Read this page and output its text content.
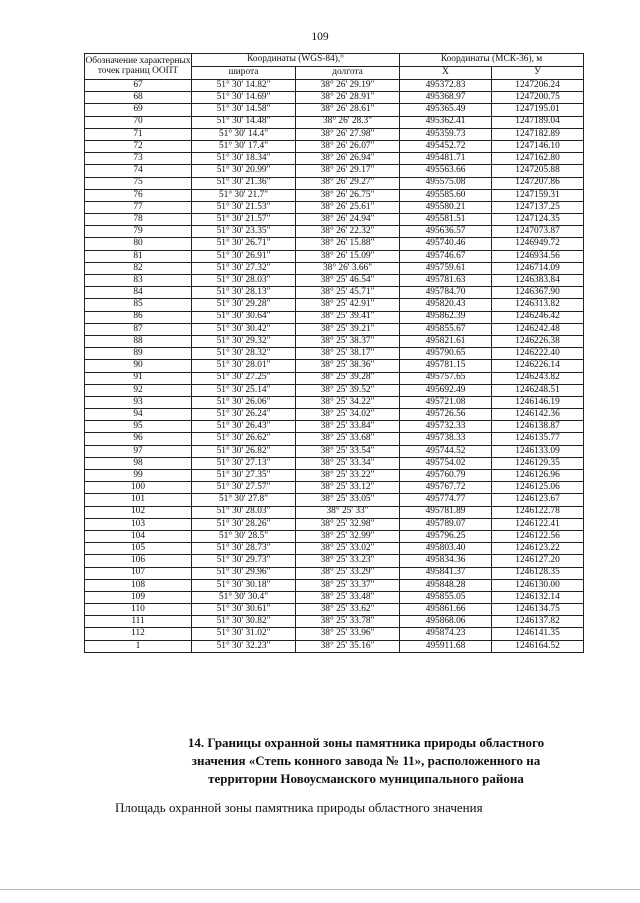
109
Обозначение характерных точек границ ООПТ	Координаты (WGS-84),°		Координаты (МСК-36), м	
	широта	долгота	X	У
67	51° 30' 14.82"	38° 26' 29.19"	495372.83	1247206.24
68	51° 30' 14.69"	38° 26' 28.91"	495368.97	1247200.75
69	51° 30' 14.58"	38° 26' 28.61"	495365.49	1247195.01
70	51° 30' 14.48"	38° 26' 28.3"	495362.41	1247189.04
71	51° 30' 14.4"	38° 26' 27.98"	495359.73	1247182.89
72	51° 30' 17.4"	38° 26' 26.07"	495452.72	1247146.10
73	51° 30' 18.34"	38° 26' 26.94"	495481.71	1247162.80
74	51° 30' 20.99"	38° 26' 29.17"	495563.66	1247205.88
75	51° 30' 21.36"	38° 26' 29.27"	495575.08	1247207.86
76	51° 30' 21.7"	38° 26' 26.75"	495585.60	1247159.31
77	51° 30' 21.53"	38° 26' 25.61"	495580.21	1247137.25
78	51° 30' 21.57"	38° 26' 24.94"	495581.51	1247124.35
79	51° 30' 23.35"	38° 26' 22.32"	495636.57	1247073.87
80	51° 30' 26.71"	38° 26' 15.88"	495740.46	1246949.72
81	51° 30' 26.91"	38° 26' 15.09"	495746.67	1246934.56
82	51° 30' 27.32"	38° 26' 3.66"	495759.61	1246714.09
83	51° 30' 28.03"	38° 25' 46.54"	495781.63	1246383.84
84	51° 30' 28.13"	38° 25' 45.71"	495784.70	1246367.90
85	51° 30' 29.28"	38° 25' 42.91"	495820.43	1246313.82
86	51° 30' 30.64"	38° 25' 39.41"	495862.39	1246246.42
87	51° 30' 30.42"	38° 25' 39.21"	495855.67	1246242.48
88	51° 30' 29.32"	38° 25' 38.37"	495821.61	1246226.38
89	51° 30' 28.32"	38° 25' 38.17"	495790.65	1246222.40
90	51° 30' 28.01"	38° 25' 38.36"	495781.15	1246226.14
91	51° 30' 27.25"	38° 25' 39.28"	495757.65	1246243.82
92	51° 30' 25.14"	38° 25' 39.52"	495692.49	1246248.51
93	51° 30' 26.06"	38° 25' 34.22"	495721.08	1246146.19
94	51° 30' 26.24"	38° 25' 34.02"	495726.56	1246142.36
95	51° 30' 26.43"	38° 25' 33.84"	495732.33	1246138.87
96	51° 30' 26.62"	38° 25' 33.68"	495738.33	1246135.77
97	51° 30' 26.82"	38° 25' 33.54"	495744.52	1246133.09
98	51° 30' 27.13"	38° 25' 33.34"	495754.02	1246129.35
99	51° 30' 27.35"	38° 25' 33.22"	495760.79	1246126.96
100	51° 30' 27.57"	38° 25' 33.12"	495767.72	1246125.06
101	51° 30' 27.8"	38° 25' 33.05"	495774.77	1246123.67
102	51° 30' 28.03"	38° 25' 33"	495781.89	1246122.78
103	51° 30' 28.26"	38° 25' 32.98"	495789.07	1246122.41
104	51° 30' 28.5"	38° 25' 32.99"	495796.25	1246122.56
105	51° 30' 28.73"	38° 25' 33.02"	495803.40	1246123.22
106	51° 30' 29.73"	38° 25' 33.23"	495834.36	1246127.20
107	51° 30' 29.96"	38° 25' 33.29"	495841.37	1246128.35
108	51° 30' 30.18"	38° 25' 33.37"	495848.28	1246130.00
109	51° 30' 30.4"	38° 25' 33.48"	495855.05	1246132.14
110	51° 30' 30.61"	38° 25' 33.62"	495861.66	1246134.75
111	51° 30' 30.82"	38° 25' 33.78"	495868.06	1246137.82
112	51° 30' 31.02"	38° 25' 33.96"	495874.23	1246141.35
1	51° 30' 32.23"	38° 25' 35.16"	495911.68	1246164.52
14. Границы охранной зоны памятника природы областного
значения «Степь конного завода № 11», расположенного на
территории Новоусманского муниципального района
Площадь охранной зоны памятника природы областного значения
